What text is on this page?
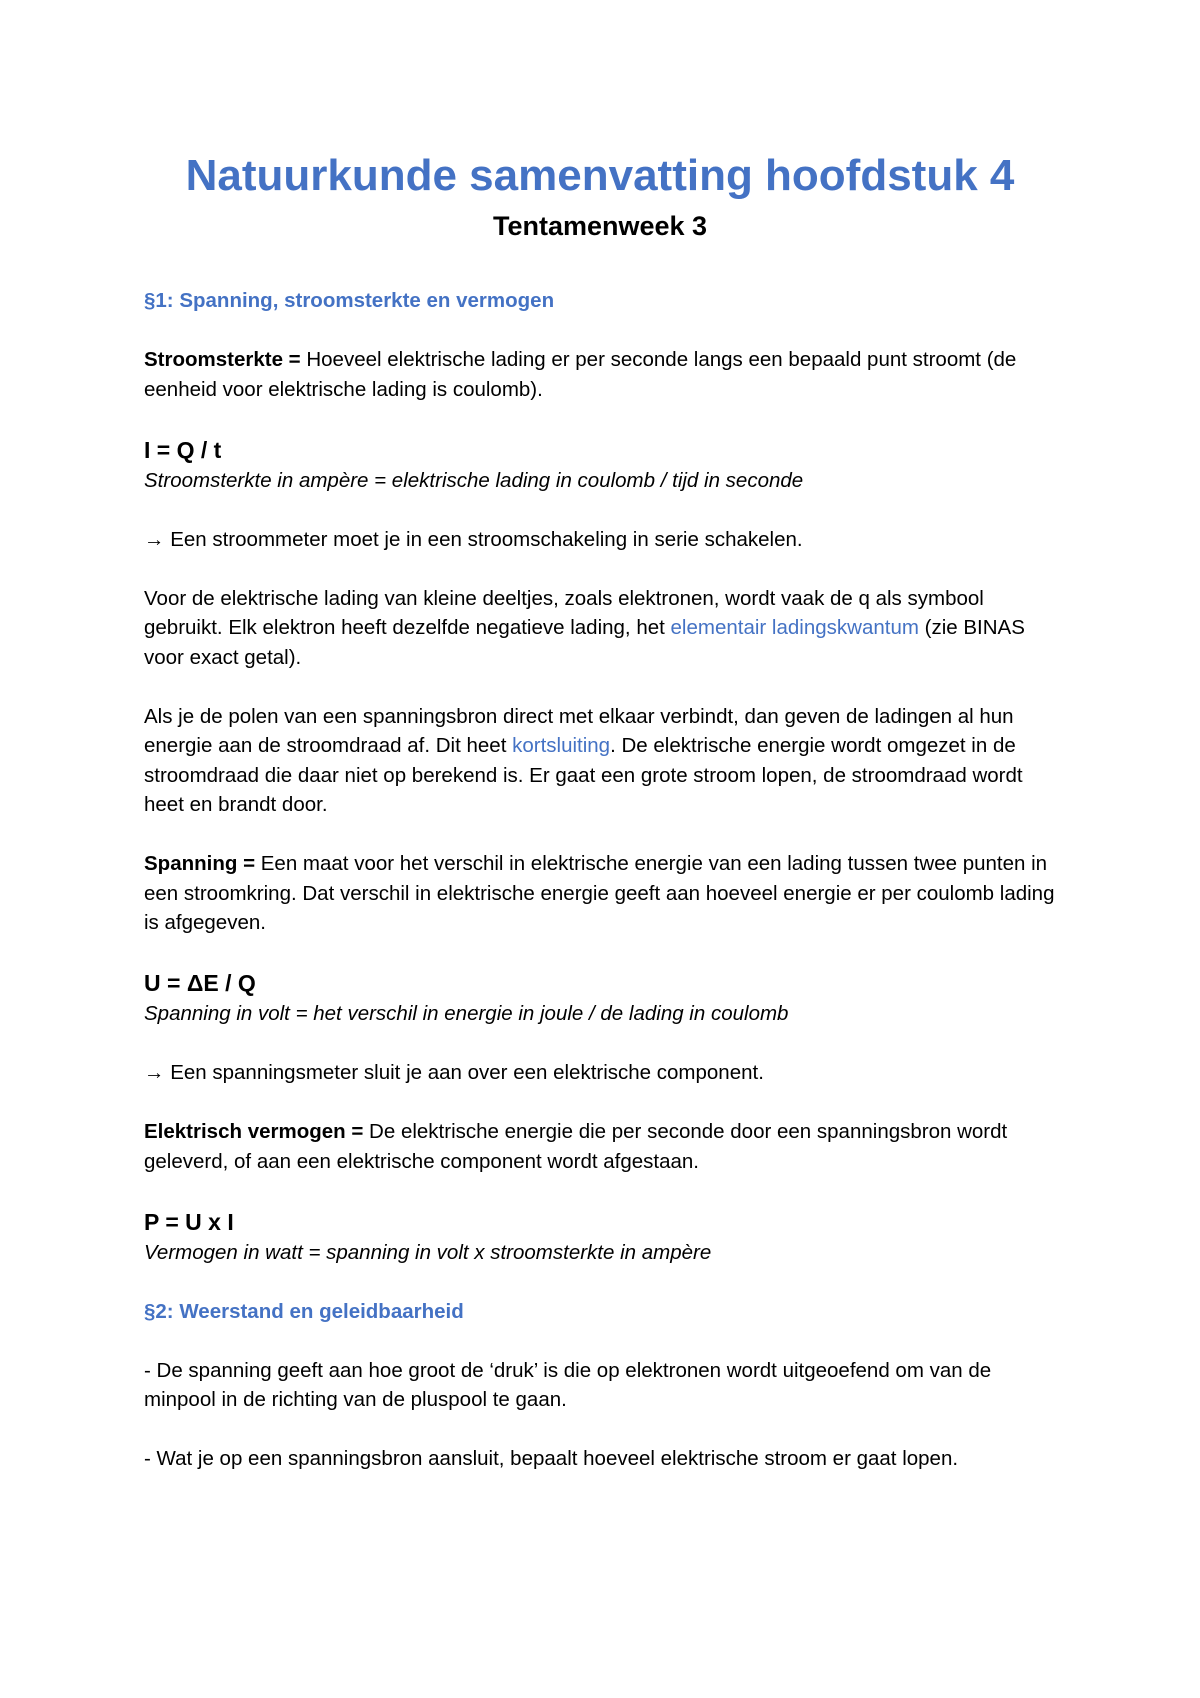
Natuurkunde samenvatting hoofdstuk 4
Tentamenweek 3

§1: Spanning, stroomsterkte en vermogen

Stroomsterkte = Hoeveel elektrische lading er per seconde langs een bepaald punt stroomt (de eenheid voor elektrische lading is coulomb).

I = Q / t

Stroomsterkte in ampère = elektrische lading in coulomb / tijd in seconde

→ Een stroommeter moet je in een stroomschakeling in serie schakelen.

Voor de elektrische lading van kleine deeltjes, zoals elektronen, wordt vaak de q als symbool gebruikt. Elk elektron heeft dezelfde negatieve lading, het elementair ladingskwantum (zie BINAS voor exact getal).

Als je de polen van een spanningsbron direct met elkaar verbindt, dan geven de ladingen al hun energie aan de stroomdraad af. Dit heet kortsluiting. De elektrische energie wordt omgezet in de stroomdraad die daar niet op berekend is. Er gaat een grote stroom lopen, de stroomdraad wordt heet en brandt door.

Spanning = Een maat voor het verschil in elektrische energie van een lading tussen twee punten in een stroomkring. Dat verschil in elektrische energie geeft aan hoeveel energie er per coulomb lading is afgegeven.

U = ΔE / Q

Spanning in volt = het verschil in energie in joule / de lading in coulomb

→ Een spanningsmeter sluit je aan over een elektrische component.

Elektrisch vermogen = De elektrische energie die per seconde door een spanningsbron wordt geleverd, of aan een elektrische component wordt afgestaan.

P = U x I

Vermogen in watt = spanning in volt x stroomsterkte in ampère

§2: Weerstand en geleidbaarheid

- De spanning geeft aan hoe groot de ‘druk’ is die op elektronen wordt uitgeoefend om van de minpool in de richting van de pluspool te gaan.

- Wat je op een spanningsbron aansluit, bepaalt hoeveel elektrische stroom er gaat lopen.
